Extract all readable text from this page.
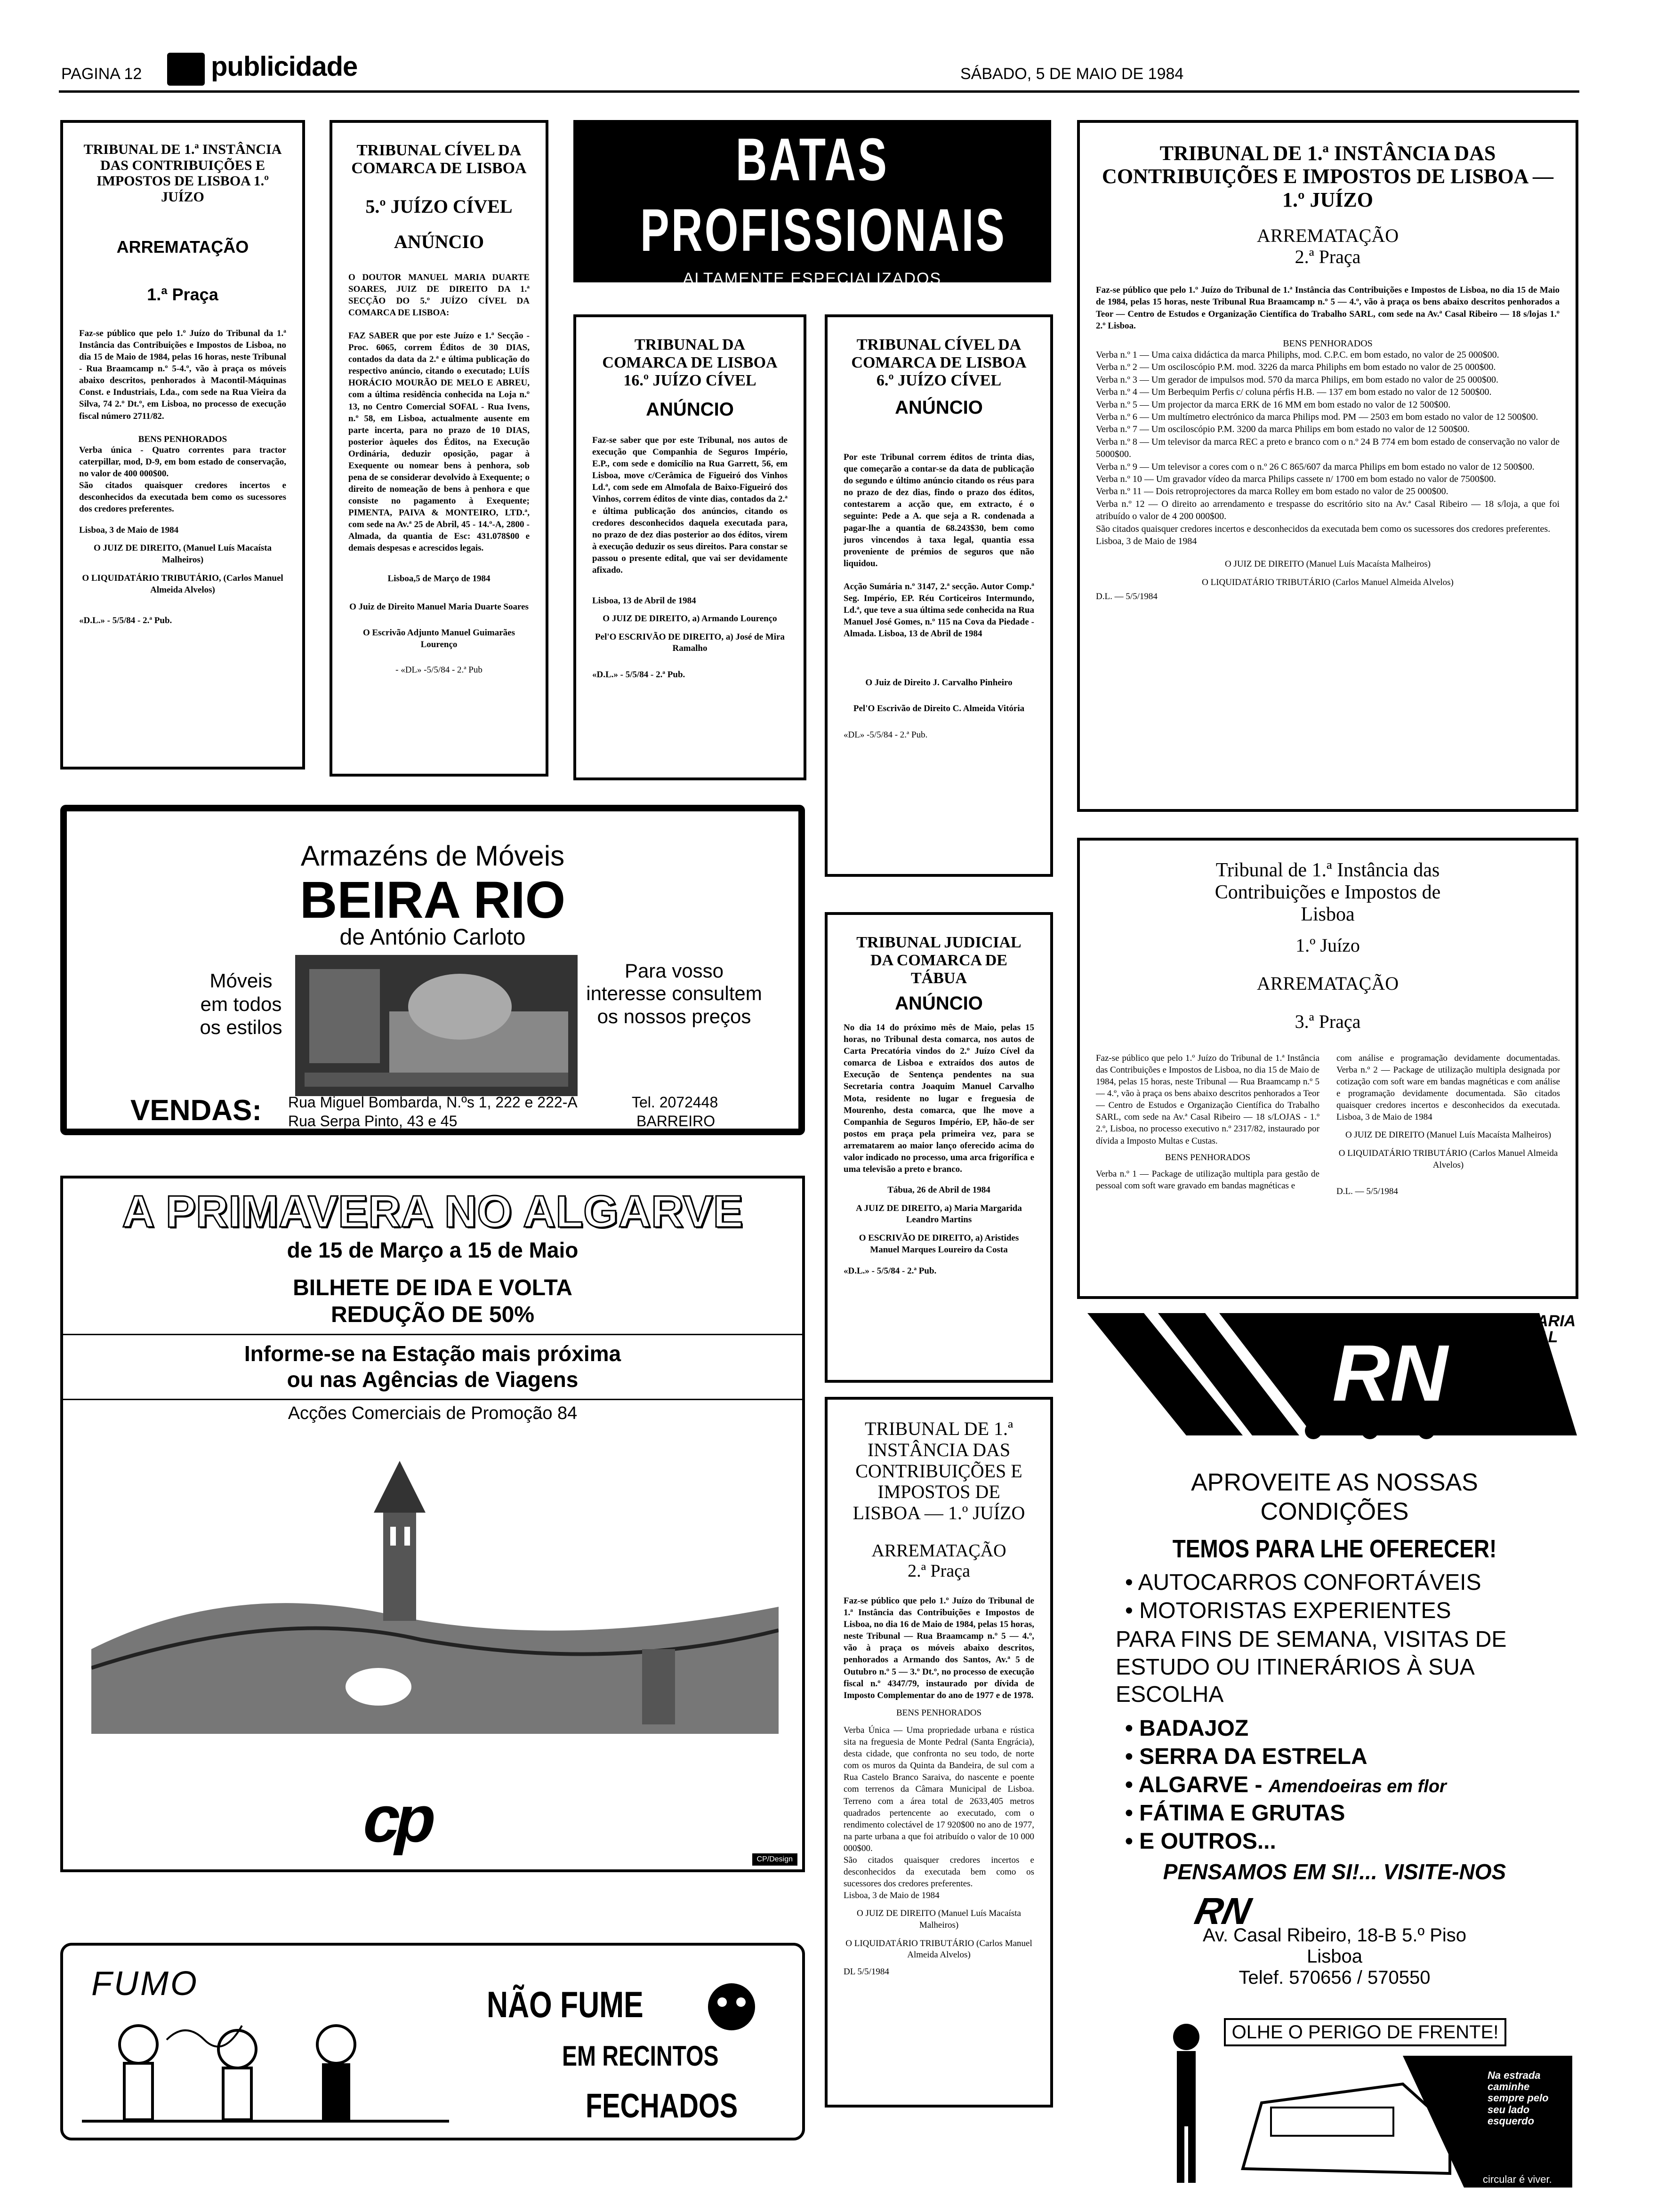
PAGINA 12	publicidade	SÁBADO, 5 DE MAIO DE 1984
TRIBUNAL DE 1.ª INSTÂNCIA DAS CONTRIBUIÇÕES E IMPOSTOS DE LISBOA 1.º JUÍZO
ARREMATAÇÃO
1.ª Praça
Faz-se público que pelo 1.º Juízo do Tribunal da 1.ª Instância das Contribuições e Impostos de Lisboa, no dia 15 de Maio de 1984, pelas 16 horas, neste Tribunal - Rua Braamcamp n.º 5-4.º, vão à praça os móveis abaixo descritos, penhorados à Macontil-Máquinas Const. e Industriais, Lda., com sede na Rua Vieira da Silva, 74 2.º Dt.º, em Lisboa, no processo de execução fiscal número 2711/82.
BENS PENHORADOS
Verba única - Quatro correntes para tractor caterpillar, mod, D-9, em bom estado de conservação, no valor de 400 000$00.
São citados quaisquer credores incertos e desconhecidos da executada bem como os sucessores dos credores preferentes.
Lisboa, 3 de Maio de 1984
O JUIZ DE DIREITO, (Manuel Luís Macaísta Malheiros)
O LIQUIDATÁRIO TRIBUTÁRIO, (Carlos Manuel Almeida Alvelos)
«D.L.» - 5/5/84 - 2.ª Pub.
TRIBUNAL CÍVEL DA COMARCA DE LISBOA
5.º JUÍZO CÍVEL
ANÚNCIO
O DOUTOR MANUEL MARIA DUARTE SOARES, JUIZ DE DIREITO DA 1.ª SECÇÃO DO 5.º JUÍZO CÍVEL DA COMARCA DE LISBOA:
FAZ SABER que por este Juízo e 1.ª Secção - Proc. 6065, correm Éditos de 30 DIAS, contados da data da 2.ª e última publicação do respectivo anúncio, citando o executado; LUÍS HORÁCIO MOURÃO DE MELO E ABREU, com a última residência conhecida na Loja n.º 13, no Centro Comercial SOFAL - Rua Ivens, n.º 58, em Lisboa, actualmente ausente em parte incerta, para no prazo de 10 DIAS, posterior àqueles dos Éditos, na Execução Ordinária, deduzir oposição, pagar à Exequente ou nomear bens à penhora, sob pena de se considerar devolvido à Exequente; o direito de nomeação de bens à penhora e que consiste no pagamento à Exequente; PIMENTA, PAIVA & MONTEIRO, LTD.ª, com sede na Av.ª 25 de Abril, 45 - 14.º-A, 2800 - Almada, da quantia de Esc: 431.078$00 e demais despesas e acrescidos legais.
Lisboa,5 de Março de 1984
O Juiz de Direito Manuel Maria Duarte Soares
O Escrivão Adjunto Manuel Guimarães Lourenço
- «DL» -5/5/84 - 2.ª Pub
BATAS PROFISSIONAIS
ALTAMENTE ESPECIALIZADOS
TINTURARIA GUANABARA - Dep. de Confecções
Areeiro)
TRIBUNAL DA COMARCA DE LISBOA 16.º JUÍZO CÍVEL
ANÚNCIO
Faz-se saber que por este Tribunal, nos autos de execução que Companhia de Seguros Império, E.P., com sede e domicílio na Rua Garrett, 56, em Lisboa, move c/Cerâmica de Figueiró dos Vinhos Ld.ª, com sede em Almofala de Baixo-Figueiró dos Vinhos, correm éditos de vinte dias, contados da 2.ª e última publicação dos anúncios, citando os credores desconhecidos daquela executada para, no prazo de dez dias posterior ao dos éditos, virem à execução deduzir os seus direitos. Para constar se passou o presente edital, que vai ser devidamente afixado.
Lisboa, 13 de Abril de 1984
O JUIZ DE DIREITO, a) Armando Lourenço
Pel'O ESCRIVÃO DE DIREITO, a) José de Mira Ramalho
«D.L.» - 5/5/84 - 2.ª Pub.
TRIBUNAL CÍVEL DA COMARCA DE LISBOA 6.º JUÍZO CÍVEL
ANÚNCIO
Por este Tribunal correm éditos de trinta dias, que começarão a contar-se da data de publicação do segundo e último anúncio citando os réus para no prazo de dez dias, findo o prazo dos éditos, contestarem a acção que, em extracto, é o seguinte: Pede a A. que seja a R. condenada a pagar-lhe a quantia de 68.243$30, bem como juros vincendos à taxa legal, quantia essa proveniente de prémios de seguros que não liquidou.
Acção Sumária n.º 3147, 2.ª secção. Autor Comp.ª Seg. Império, EP. Réu Corticeiros Intermundo, Ld.ª, que teve a sua última sede conhecida na Rua Manuel José Gomes, n.º 115 na Cova da Piedade - Almada. Lisboa, 13 de Abril de 1984
O Juiz de Direito J. Carvalho Pinheiro
Pel'O Escrivão de Direito C. Almeida Vitória
«DL» -5/5/84 - 2.ª Pub.
TRIBUNAL DE 1.ª INSTÂNCIA DAS CONTRIBUIÇÕES E IMPOSTOS DE LISBOA — 1.º JUÍZO
ARREMATAÇÃO
2.ª Praça
Faz-se público que pelo 1.º Juízo do Tribunal de 1.ª Instância das Contribuições e Impostos de Lisboa, no dia 15 de Maio de 1984, pelas 15 horas, neste Tribunal Rua Braamcamp n.º 5 — 4.º, vão à praça os bens abaixo descritos penhorados a Teor — Centro de Estudos e Organização Científica do Trabalho SARL, com sede na Av.ª Casal Ribeiro — 18 s/lojas 1.º 2.º Lisboa.
BENS PENHORADOS
Verba n.º 1 — Uma caixa didáctica da marca Philiphs, mod. C.P.C. em bom estado, no valor de 25 000$00.
Verba n.º 2 — Um osciloscópio P.M. mod. 3226 da marca Philiphs em bom estado no valor de 25 000$00.
Verba n.º 3 — Um gerador de impulsos mod. 570 da marca Philips, em bom estado no valor de 25 000$00.
Verba n.º 4 — Um Berbequim Perfis c/ coluna pérfis H.B. — 137 em bom estado no valor de 12 500$00.
Verba n.º 5 — Um projector da marca ERK de 16 MM em bom estado no valor de 12 500$00.
Verba n.º 6 — Um multímetro electrónico da marca Philips mod. PM — 2503 em bom estado no valor de 12 500$00.
Verba n.º 7 — Um osciloscópio P.M. 3200 da marca Philips em bom estado no valor de 12 500$00.
Verba n.º 8 — Um televisor da marca REC a preto e branco com o n.º 24 B 774 em bom estado de conservação no valor de 5000$00.
Verba n.º 9 — Um televisor a cores com o n.º 26 C 865/607 da marca Philips em bom estado no valor de 12 500$00.
Verba n.º 10 — Um gravador vídeo da marca Philips cassete n/ 1700 em bom estado no valor de 7500$00.
Verba n.º 11 — Dois retroprojectores da marca Rolley em bom estado no valor de 25 000$00.
Verba n.º 12 — O direito ao arrendamento e trespasse do escritório sito na Av.ª Casal Ribeiro — 18 s/loja, a que foi atribuído o valor de 4 200 000$00.
São citados quaisquer credores incertos e desconhecidos da executada bem como os sucessores dos credores preferentes.
Lisboa, 3 de Maio de 1984
O JUIZ DE DIREITO (Manuel Luís Macaísta Malheiros)
O LIQUIDATÁRIO TRIBUTÁRIO (Carlos Manuel Almeida Alvelos)
D.L. — 5/5/1984
Armazéns de Móveis
BEIRA RIO
de António Carloto
Móveis em todos os estilos
Para vosso interesse consultem os nossos preços
VENDAS: Rua Miguel Bombarda, N.ºs 1, 222 e 222-A
Rua Serpa Pinto, 43 e 45
Tel. 2072448
BARREIRO
A PRIMAVERA NO ALGARVE
de 15 de Março a 15 de Maio
BILHETE DE IDA E VOLTA
REDUÇÃO DE 50%
Informe-se na Estação mais próxima
ou nas Agências de Viagens
Acções Comerciais de Promoção 84
cp
CP/Design
TRIBUNAL JUDICIAL DA COMARCA DE TÁBUA
ANÚNCIO
No dia 14 do próximo mês de Maio, pelas 15 horas, no Tribunal desta comarca, nos autos de Carta Precatória vindos do 2.º Juízo Cível da comarca de Lisboa e extraídos dos autos de Execução de Sentença pendentes na sua Secretaria contra Joaquim Manuel Carvalho Mota, residente no lugar e freguesia de Mourenho, desta comarca, que lhe move a Companhia de Seguros Império, EP, hão-de ser postos em praça pela primeira vez, para se arrematarem ao maior lanço oferecido acima do valor indicado no processo, uma arca frigorífica e uma televisão a preto e branco.
Tábua, 26 de Abril de 1984
A JUIZ DE DIREITO, a) Maria Margarida Leandro Martins
O ESCRIVÃO DE DIREITO, a) Aristides Manuel Marques Loureiro da Costa
«D.L.» - 5/5/84 - 2.ª Pub.
Tribunal de 1.ª Instância das Contribuições e Impostos de Lisboa
1.º Juízo
ARREMATAÇÃO
3.ª Praça
Faz-se público que pelo 1.º Juízo do Tribunal de 1.ª Instância das Contribuições e Impostos de Lisboa, no dia 15 de Maio de 1984, pelas 15 horas, neste Tribunal — Rua Braamcamp n.º 5 — 4.º, vão à praça os bens abaixo descritos penhorados a Teor — Centro de Estudos e Organização Científica do Trabalho SARL, com sede na Av.ª Casal Ribeiro — 18 s/LOJAS - 1.º 2.º, Lisboa, no processo executivo n.º 2317/82, instaurado por dívida a Imposto Multas e Custas.
BENS PENHORADOS
Verba n.º 1 — Package de utilização multipla para gestão de pessoal com soft ware gravado em bandas magnéticas e
com análise e programação devidamente documentadas. Verba n.º 2 — Package de utilização multipla designada por cotização com soft ware em bandas magnéticas e com análise e programação devidamente documentada. São citados quaisquer credores incertos e desconhecidos da executada. Lisboa, 3 de Maio de 1984
O JUIZ DE DIREITO (Manuel Luís Macaísta Malheiros)
O LIQUIDATÁRIO TRIBUTÁRIO (Carlos Manuel Almeida Alvelos)
D.L. — 5/5/1984
TRIBUNAL DE 1.ª INSTÂNCIA DAS CONTRIBUIÇÕES E IMPOSTOS DE LISBOA — 1.º JUÍZO
ARREMATAÇÃO
2.ª Praça
Faz-se público que pelo 1.º Juízo do Tribunal de 1.ª Instância das Contribuições e Impostos de Lisboa, no dia 16 de Maio de 1984, pelas 15 horas, neste Tribunal — Rua Braamcamp n.º 5 — 4.º, vão à praça os móveis abaixo descritos, penhorados a Armando dos Santos, Av.ª 5 de Outubro n.º 5 — 3.º Dt.º, no processo de execução fiscal n.º 4347/79, instaurado por dívida de Imposto Complementar do ano de 1977 e de 1978.
BENS PENHORADOS
Verba Única — Uma propriedade urbana e rústica sita na freguesia de Monte Pedral (Santa Engrácia), desta cidade, que confronta no seu todo, de norte com os muros da Quinta da Bandeira, de sul com a Rua Castelo Branco Saraiva, do nascente e poente com terrenos da Câmara Municipal de Lisboa. Terreno com a área total de 2633,405 metros quadrados pertencente ao executado, com o rendimento colectável de 17 920$00 no ano de 1977, na parte urbana a que foi atribuído o valor de 10 000 000$00.
São citados quaisquer credores incertos e desconhecidos da executada bem como os sucessores dos credores preferentes.
Lisboa, 3 de Maio de 1984
O JUIZ DE DIREITO (Manuel Luís Macaísta Malheiros)
O LIQUIDATÁRIO TRIBUTÁRIO (Carlos Manuel Almeida Alvelos)
DL 5/5/1984
RN
RODOVIARIA NACIONAL
APROVEITE AS NOSSAS
CONDIÇÕES
TEMOS PARA LHE OFERECER!
• AUTOCARROS CONFORTÁVEIS
• MOTORISTAS EXPERIENTES
PARA FINS DE SEMANA, VISITAS DE ESTUDO OU ITINERÁRIOS À SUA ESCOLHA
• BADAJOZ
• SERRA DA ESTRELA
• ALGARVE - Amendoeiras em flor
• FÁTIMA E GRUTAS
• E OUTROS...
PENSAMOS EM SI!... VISITE-NOS
RN
Av. Casal Ribeiro, 18-B 5.º Piso
Lisboa
Telef. 570656 / 570550
FUMO	NÃO FUME
EM RECINTOS
FECHADOS
OLHE O PERIGO DE FRENTE!
Na estrada caminhe sempre pelo seu lado esquerdo
circular é viver.
